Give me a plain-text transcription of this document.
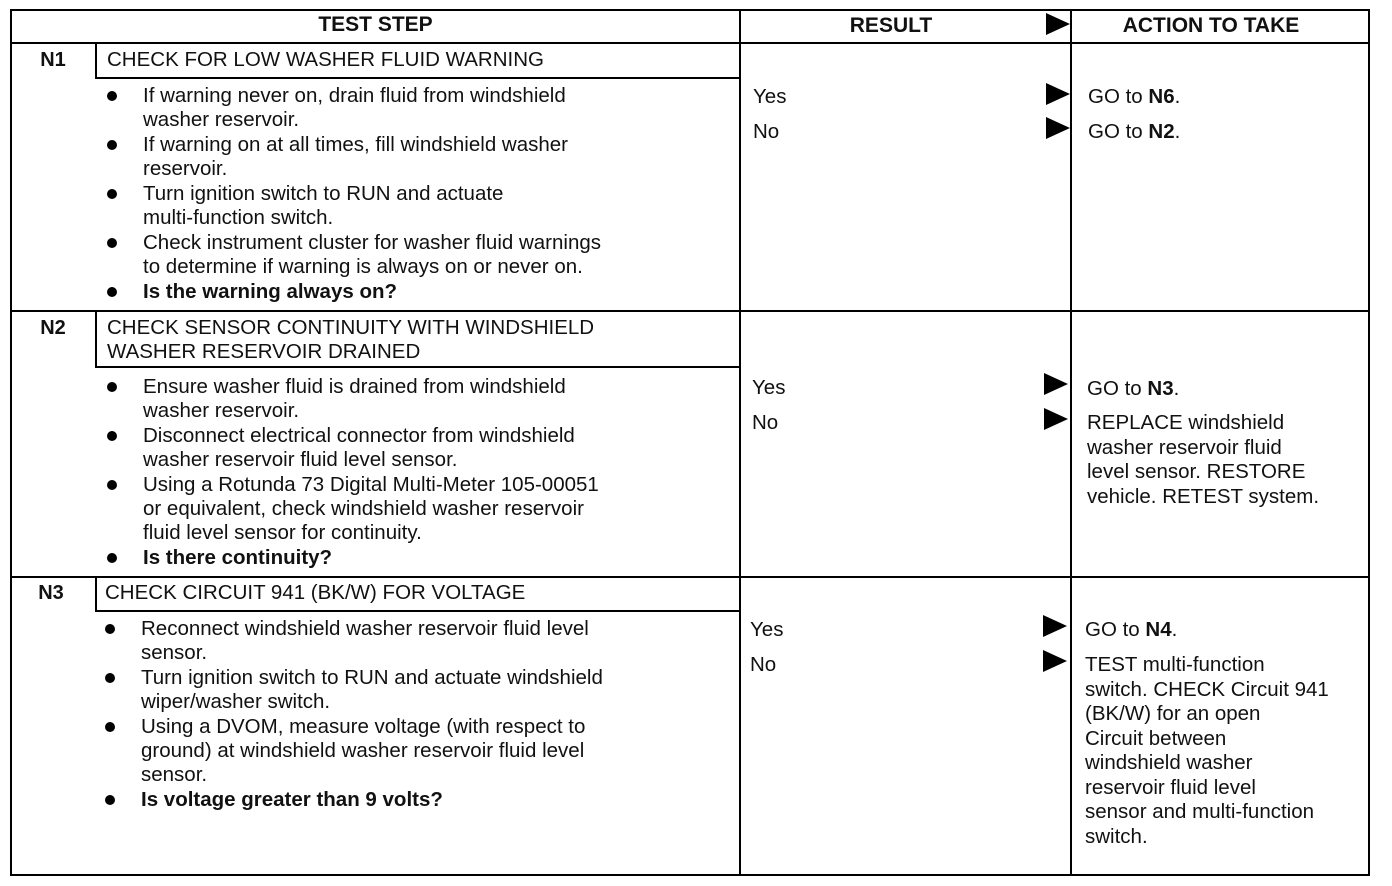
TEST STEP	RESULT	ACTION TO TAKE
N1	CHECK FOR LOW WASHER FLUID WARNING
If warning never on, drain fluid from windshield
washer reservoir.
If warning on at all times, fill windshield washer
reservoir.
Turn ignition switch to RUN and actuate
multi-function switch.
Check instrument cluster for washer fluid warnings
to determine if warning is always on or never on.
Is the warning always on?
Yes	GO to N6.
No	GO to N2.
N2	CHECK SENSOR CONTINUITY WITH WINDSHIELD
WASHER RESERVOIR DRAINED
Ensure washer fluid is drained from windshield
washer reservoir.
Disconnect electrical connector from windshield
washer reservoir fluid level sensor.
Using a Rotunda 73 Digital Multi-Meter 105-00051
or equivalent, check windshield washer reservoir
fluid level sensor for continuity.
Is there continuity?
Yes	GO to N3.
No	REPLACE windshield
washer reservoir fluid
level sensor. RESTORE
vehicle. RETEST system.
N3	CHECK CIRCUIT 941 (BK/W) FOR VOLTAGE
Reconnect windshield washer reservoir fluid level
sensor.
Turn ignition switch to RUN and actuate windshield
wiper/washer switch.
Using a DVOM, measure voltage (with respect to
ground) at windshield washer reservoir fluid level
sensor.
Is voltage greater than 9 volts?
Yes	GO to N4.
No	TEST multi-function
switch. CHECK Circuit 941
(BK/W) for an open
Circuit between
windshield washer
reservoir fluid level
sensor and multi-function
switch.
